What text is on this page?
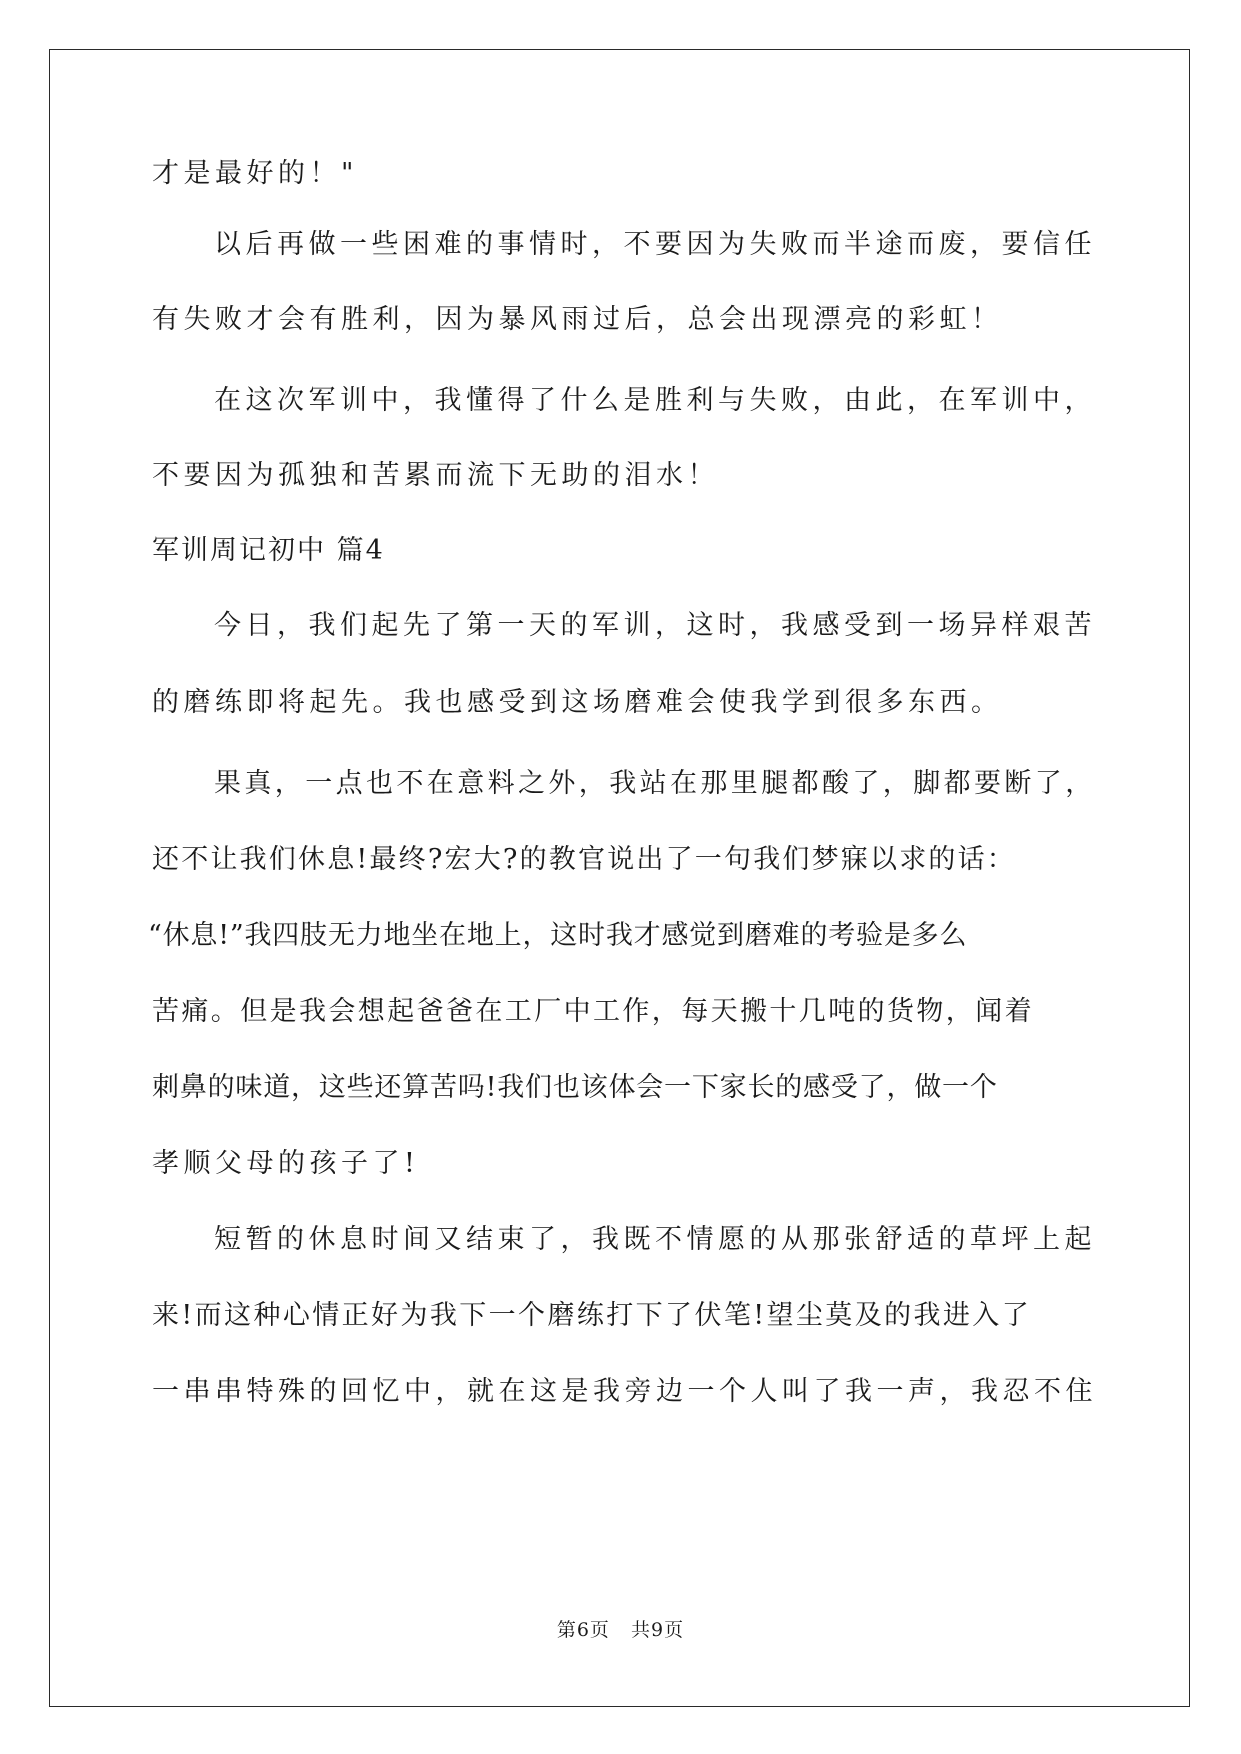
才是最好的！"
以后再做一些困难的事情时，不要因为失败而半途而废，要信任
有失败才会有胜利，因为暴风雨过后，总会出现漂亮的彩虹！
在这次军训中，我懂得了什么是胜利与失败，由此，在军训中，
不要因为孤独和苦累而流下无助的泪水！
军训周记初中 篇4
今日，我们起先了第一天的军训，这时，我感受到一场异样艰苦
的磨练即将起先。我也感受到这场磨难会使我学到很多东西。
果真，一点也不在意料之外，我站在那里腿都酸了，脚都要断了，
还不让我们休息!最终?宏大?的教官说出了一句我们梦寐以求的话：
“休息!”我四肢无力地坐在地上，这时我才感觉到磨难的考验是多么
苦痛。但是我会想起爸爸在工厂中工作，每天搬十几吨的货物，闻着
刺鼻的味道，这些还算苦吗!我们也该体会一下家长的感受了，做一个
孝顺父母的孩子了!
短暂的休息时间又结束了，我既不情愿的从那张舒适的草坪上起
来!而这种心情正好为我下一个磨练打下了伏笔!望尘莫及的我进入了
一串串特殊的回忆中，就在这是我旁边一个人叫了我一声，我忍不住
第6页   共9页
